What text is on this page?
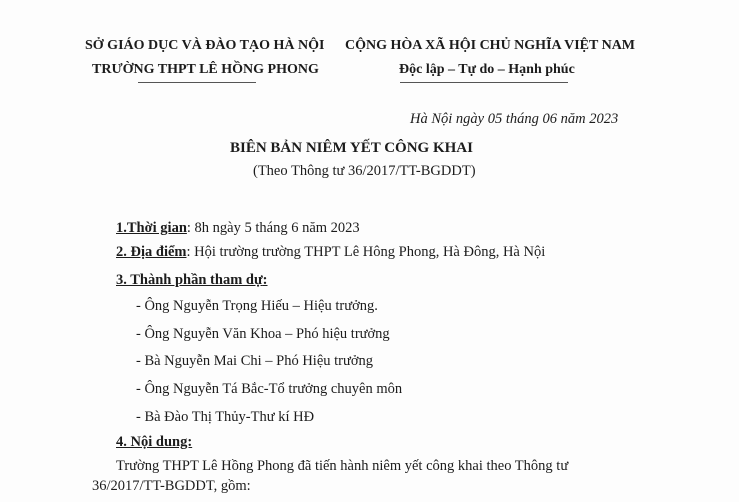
SỞ GIÁO DỤC VÀ ĐÀO TẠO HÀ NỘI
TRƯỜNG THPT LÊ HỒNG PHONG
CỘNG HÒA XÃ HỘI CHỦ NGHĨA VIỆT NAM
Độc lập – Tự do – Hạnh phúc
Hà Nội ngày 05 tháng 06 năm 2023
BIÊN BẢN NIÊM YẾT CÔNG KHAI
(Theo Thông tư 36/2017/TT-BGDDT)
1.Thời gian: 8h ngày 5 tháng 6 năm 2023
2. Địa điểm: Hội trường trường THPT Lê Hông Phong, Hà Đông, Hà Nội
3. Thành phần tham dự:
- Ông Nguyễn Trọng Hiếu – Hiệu trưởng.
- Ông Nguyễn Văn Khoa – Phó hiệu trưởng
- Bà Nguyễn Mai Chi – Phó Hiệu trưởng
- Ông Nguyễn Tá Bắc-Tổ trưởng chuyên môn
- Bà Đào Thị Thủy-Thư kí HĐ
4. Nội dung:
Trường THPT Lê Hồng Phong đã tiến hành niêm yết công khai theo Thông tư
36/2017/TT-BGDDT, gồm:
